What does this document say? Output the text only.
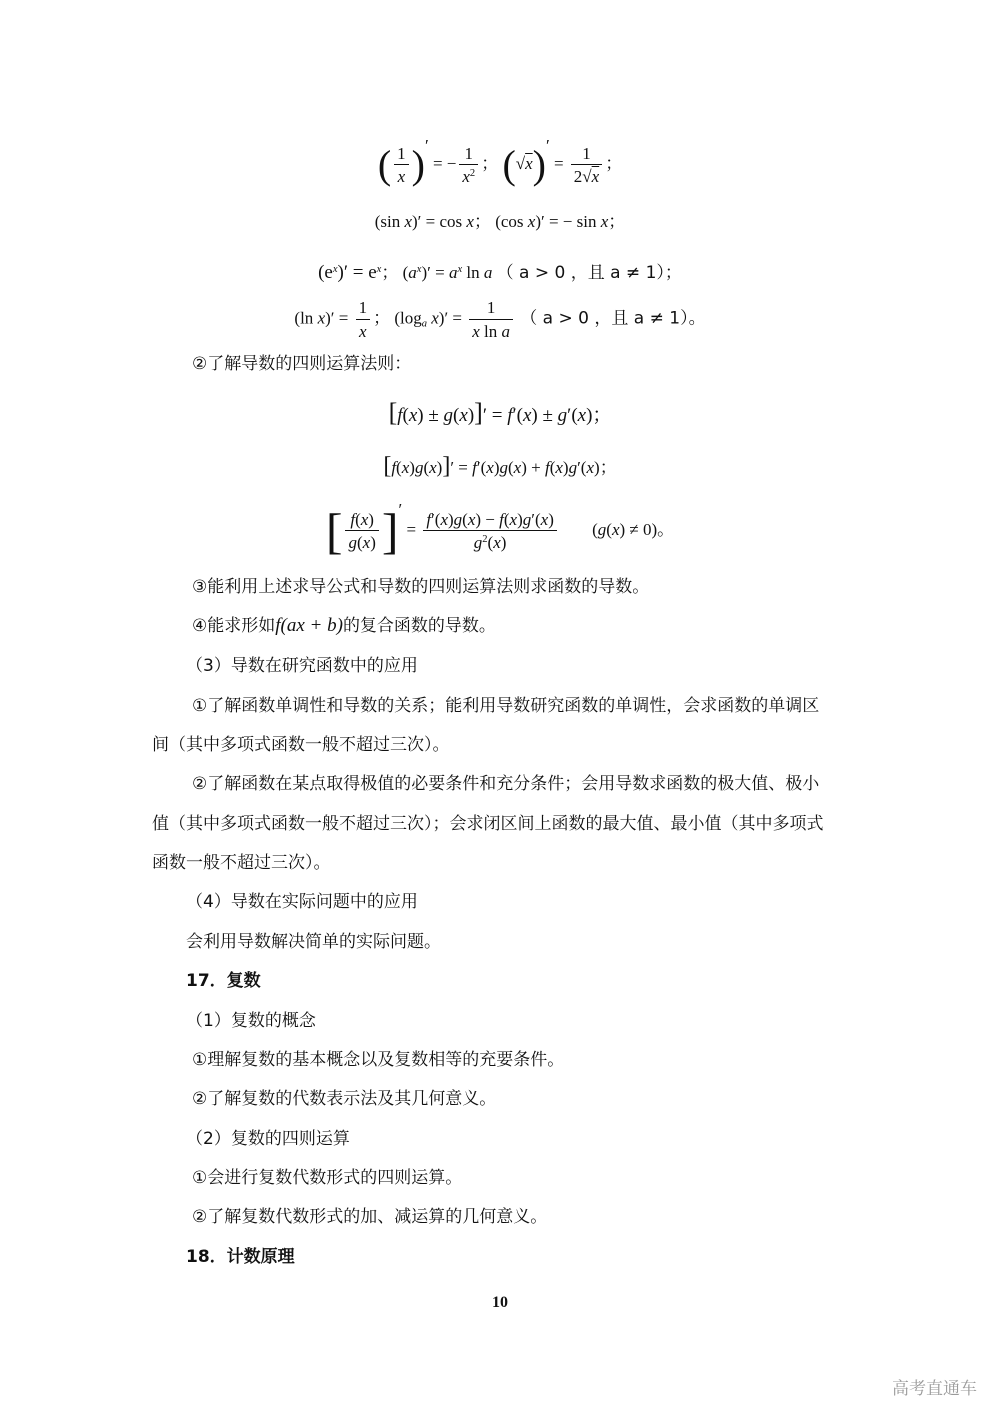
( $\frac{1}{x}$ )′ = − $\frac{1}{x^2}$ ； $(√x)' = \frac{1}{2√x}$ ；
(sin x)′ = cos x； (cos x)′ = − sin x；
$(e^x)' = e^x$； $(a^x)' = a^x$ ln a （ a > 0 ，且 a ≠ 1）；
(ln $x)' = \frac{1}{x}$ ； ($\log_a$ $x)' = \frac{1}{\text{x ln a}}$ （ a > 0 ，且 a ≠ 1）。
②了解导数的四则运算法则：
[f(x) ± g(x)]′ = f′(x) ± g′(x)；
[f(x)g(x)]′ = f′(x)g(x) + f(x)g′(x)；
[ $\frac{f(x)}{g(x)}$ ]′ = $\frac{f'(x)g(x) - f(x)g'(x)}{g^2(x)} (g(x) \ne 0)$。
③能利用上述求导公式和导数的四则运算法则求函数的导数。
④能求形如f(ax + b)的复合函数的导数。
（3）导数在研究函数中的应用
①了解函数单调性和导数的关系；能利用导数研究函数的单调性，会求函数的单调区
间（其中多项式函数一般不超过三次）。
②了解函数在某点取得极值的必要条件和充分条件；会用导数求函数的极大值、极小
值（其中多项式函数一般不超过三次）；会求闭区间上函数的最大值、最小值（其中多项式
函数一般不超过三次）。
（4）导数在实际问题中的应用
会利用导数解决简单的实际问题。
17．复数
（1）复数的概念
①理解复数的基本概念以及复数相等的充要条件。
②了解复数的代数表示法及其几何意义。
（2）复数的四则运算
①会进行复数代数形式的四则运算。
②了解复数代数形式的加、减运算的几何意义。
18．计数原理
10
高考直通车
